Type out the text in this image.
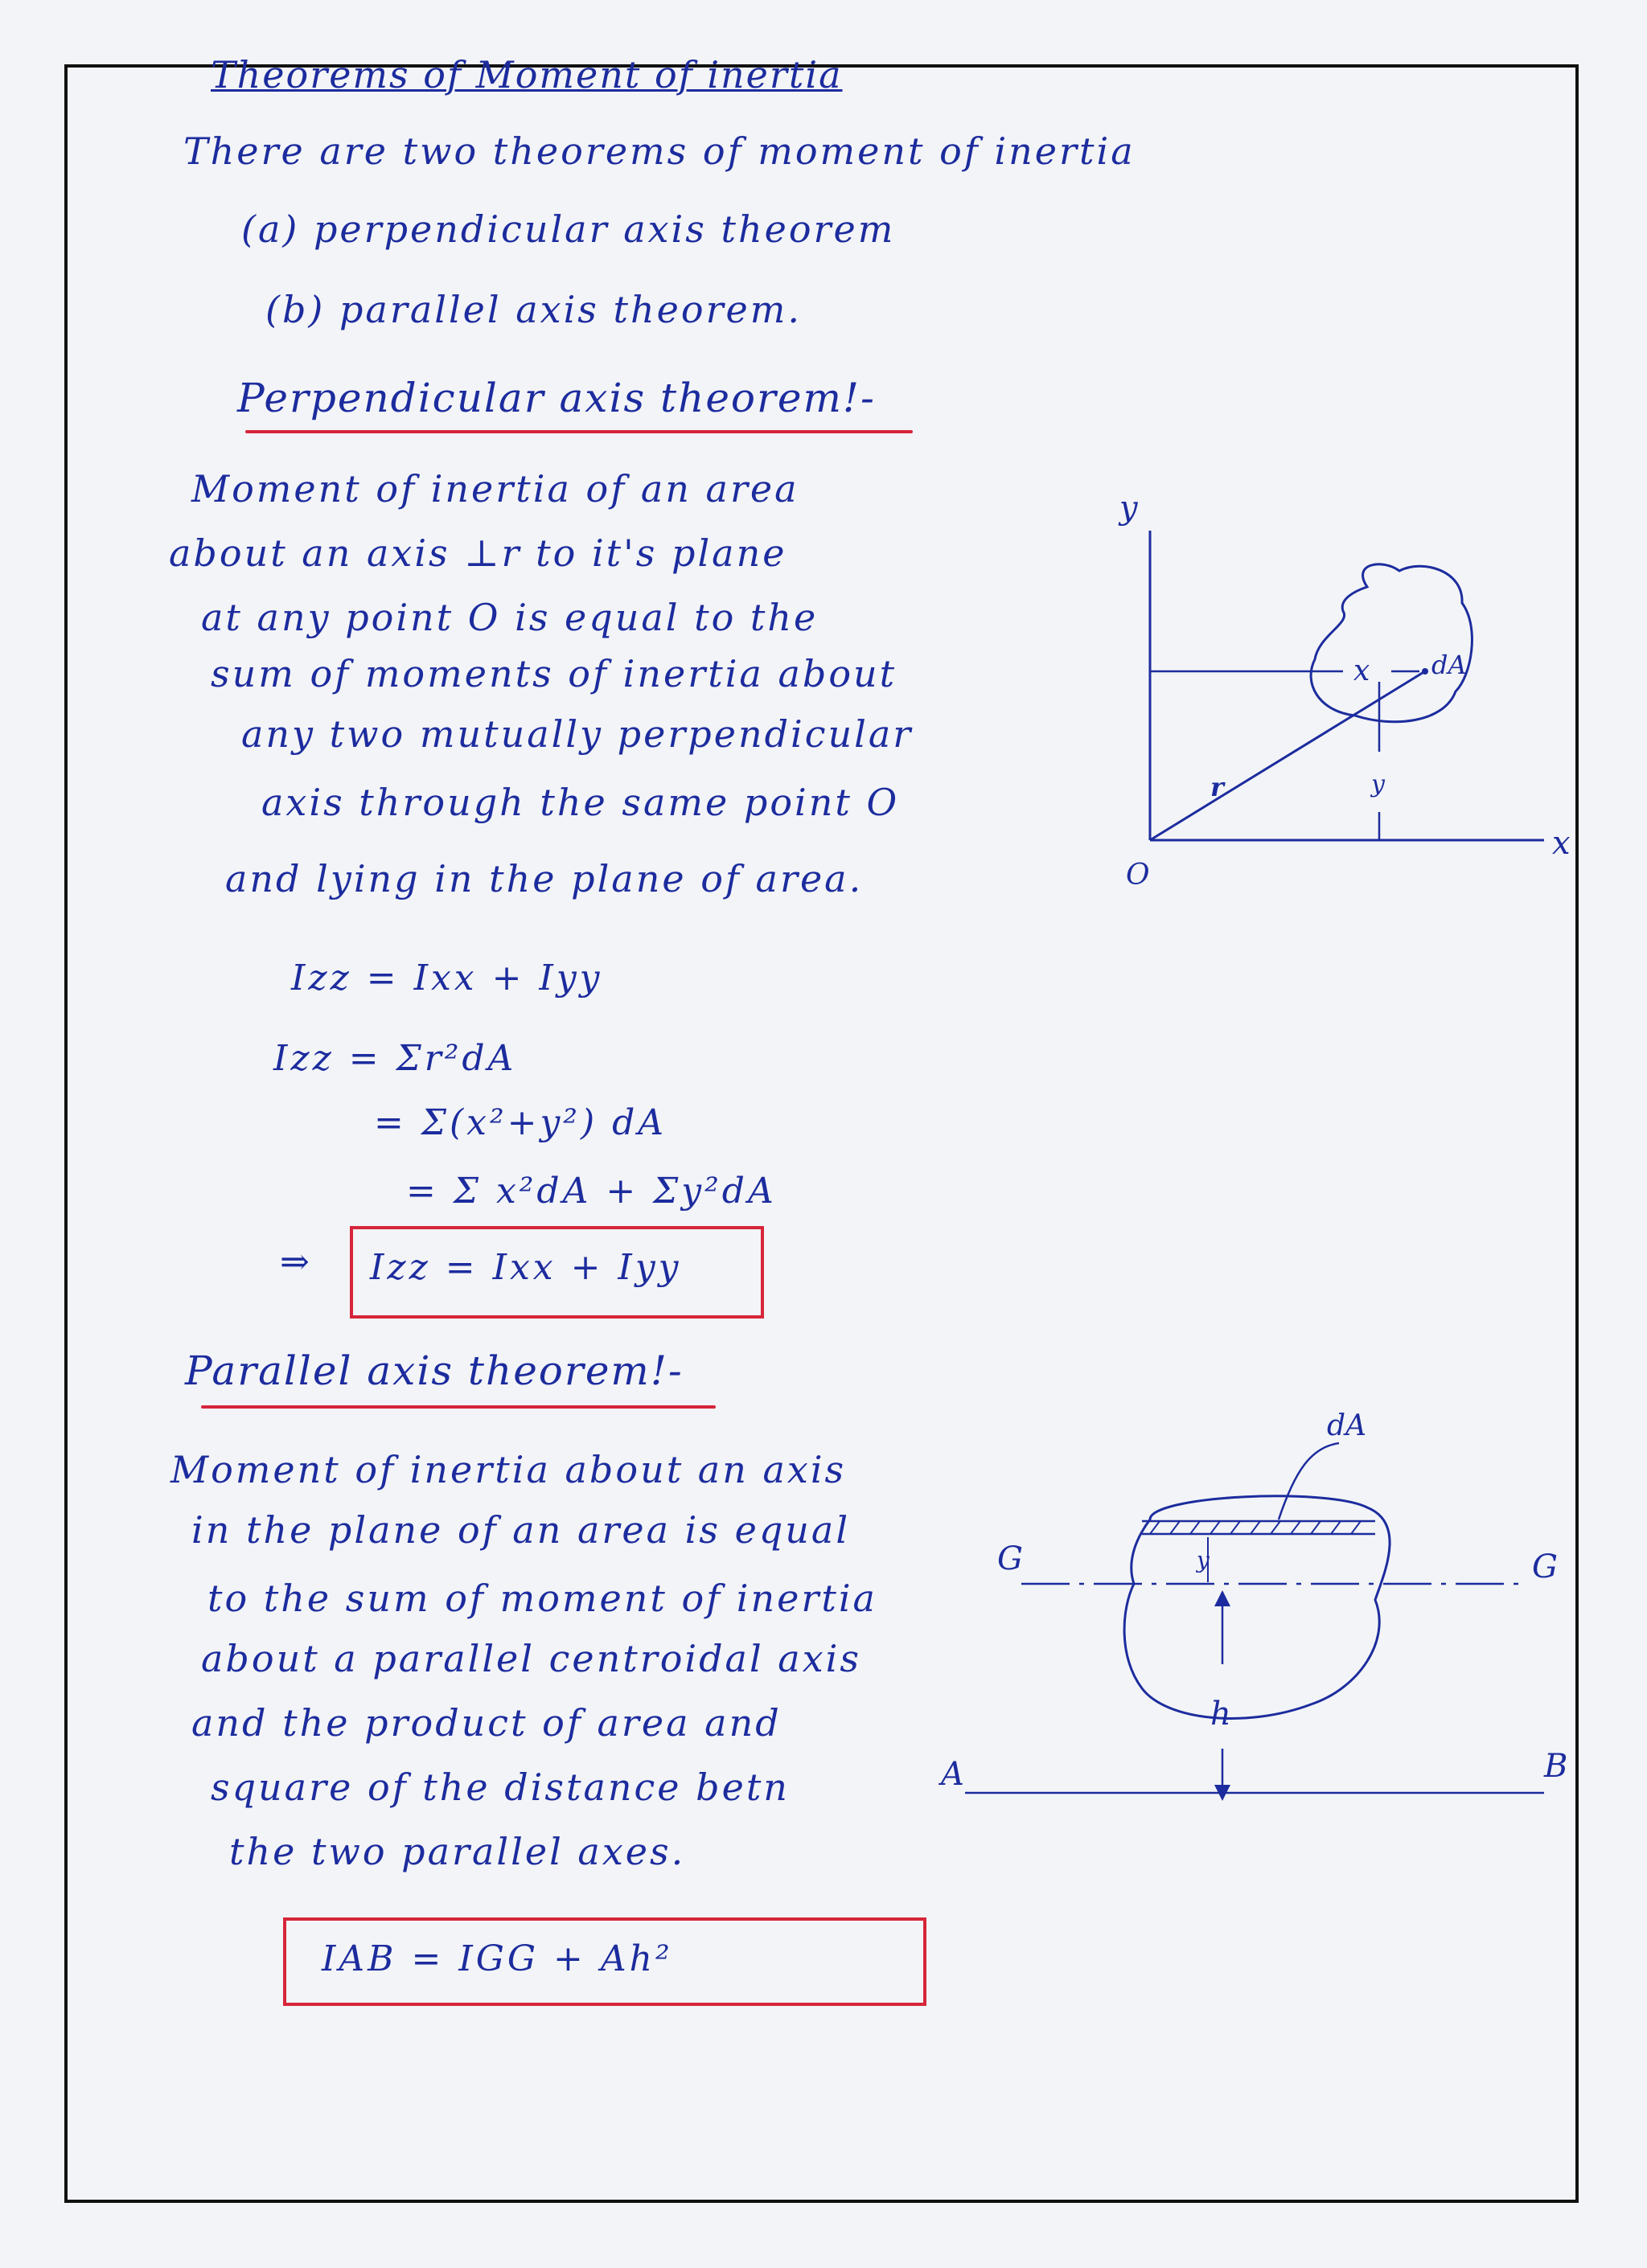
Theorems of Moment of inertia
There are two theorems of moment of inertia
(a) perpendicular axis theorem
(b) parallel axis theorem.
Perpendicular axis theorem!-
Moment of inertia of an area
about an axis ⊥r to it's plane
at any point O is equal to the
sum of moments of inertia about
any two mutually perpendicular
axis through the same point O
and lying in the plane of area.
Izz = Ixx + Iyy
Izz = Σr²dA
= Σ(x²+y²) dA
= Σ x²dA + Σy²dA
⇒ Izz = Ixx + Iyy
y
x
O
x dA
y
r
Parallel axis theorem!-
Moment of inertia about an axis
in the plane of an area is equal
to the sum of moment of inertia
about a parallel centroidal axis
and the product of area and
square of the distance betn
the two parallel axes.
IAB = IGG + Ah²
dA
G	G
y
h
A	B
